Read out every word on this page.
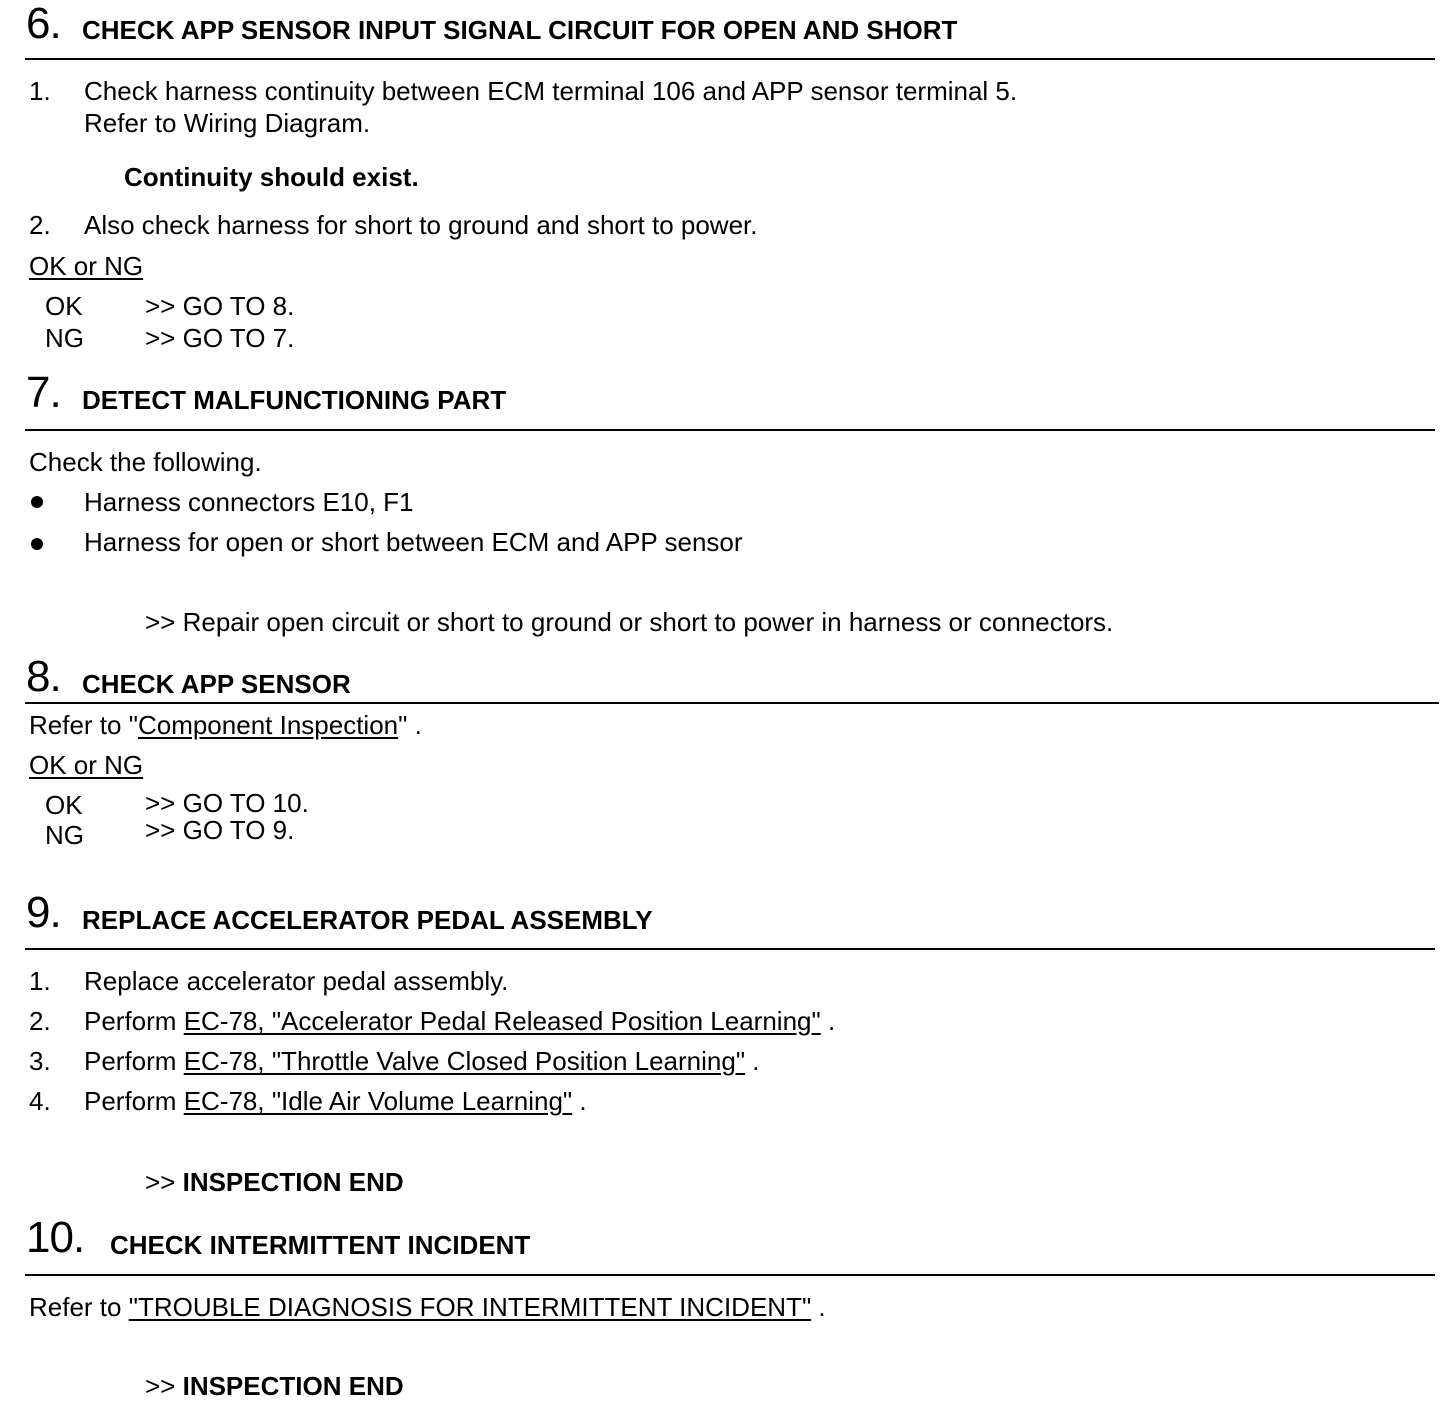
6. CHECK APP SENSOR INPUT SIGNAL CIRCUIT FOR OPEN AND SHORT
1. Check harness continuity between ECM terminal 106 and APP sensor terminal 5.
Refer to Wiring Diagram.
Continuity should exist.
2. Also check harness for short to ground and short to power.
OK or NG
OK >> GO TO 8.
NG >> GO TO 7.
7. DETECT MALFUNCTIONING PART
Check the following.
Harness connectors E10, F1
Harness for open or short between ECM and APP sensor
>> Repair open circuit or short to ground or short to power in harness or connectors.
8. CHECK APP SENSOR
Refer to "Component Inspection" .
OK or NG
OK >> GO TO 10.
NG >> GO TO 9.
9. REPLACE ACCELERATOR PEDAL ASSEMBLY
1. Replace accelerator pedal assembly.
2. Perform EC-78, "Accelerator Pedal Released Position Learning" .
3. Perform EC-78, "Throttle Valve Closed Position Learning" .
4. Perform EC-78, "Idle Air Volume Learning" .
>> INSPECTION END
10. CHECK INTERMITTENT INCIDENT
Refer to "TROUBLE DIAGNOSIS FOR INTERMITTENT INCIDENT" .
>> INSPECTION END
